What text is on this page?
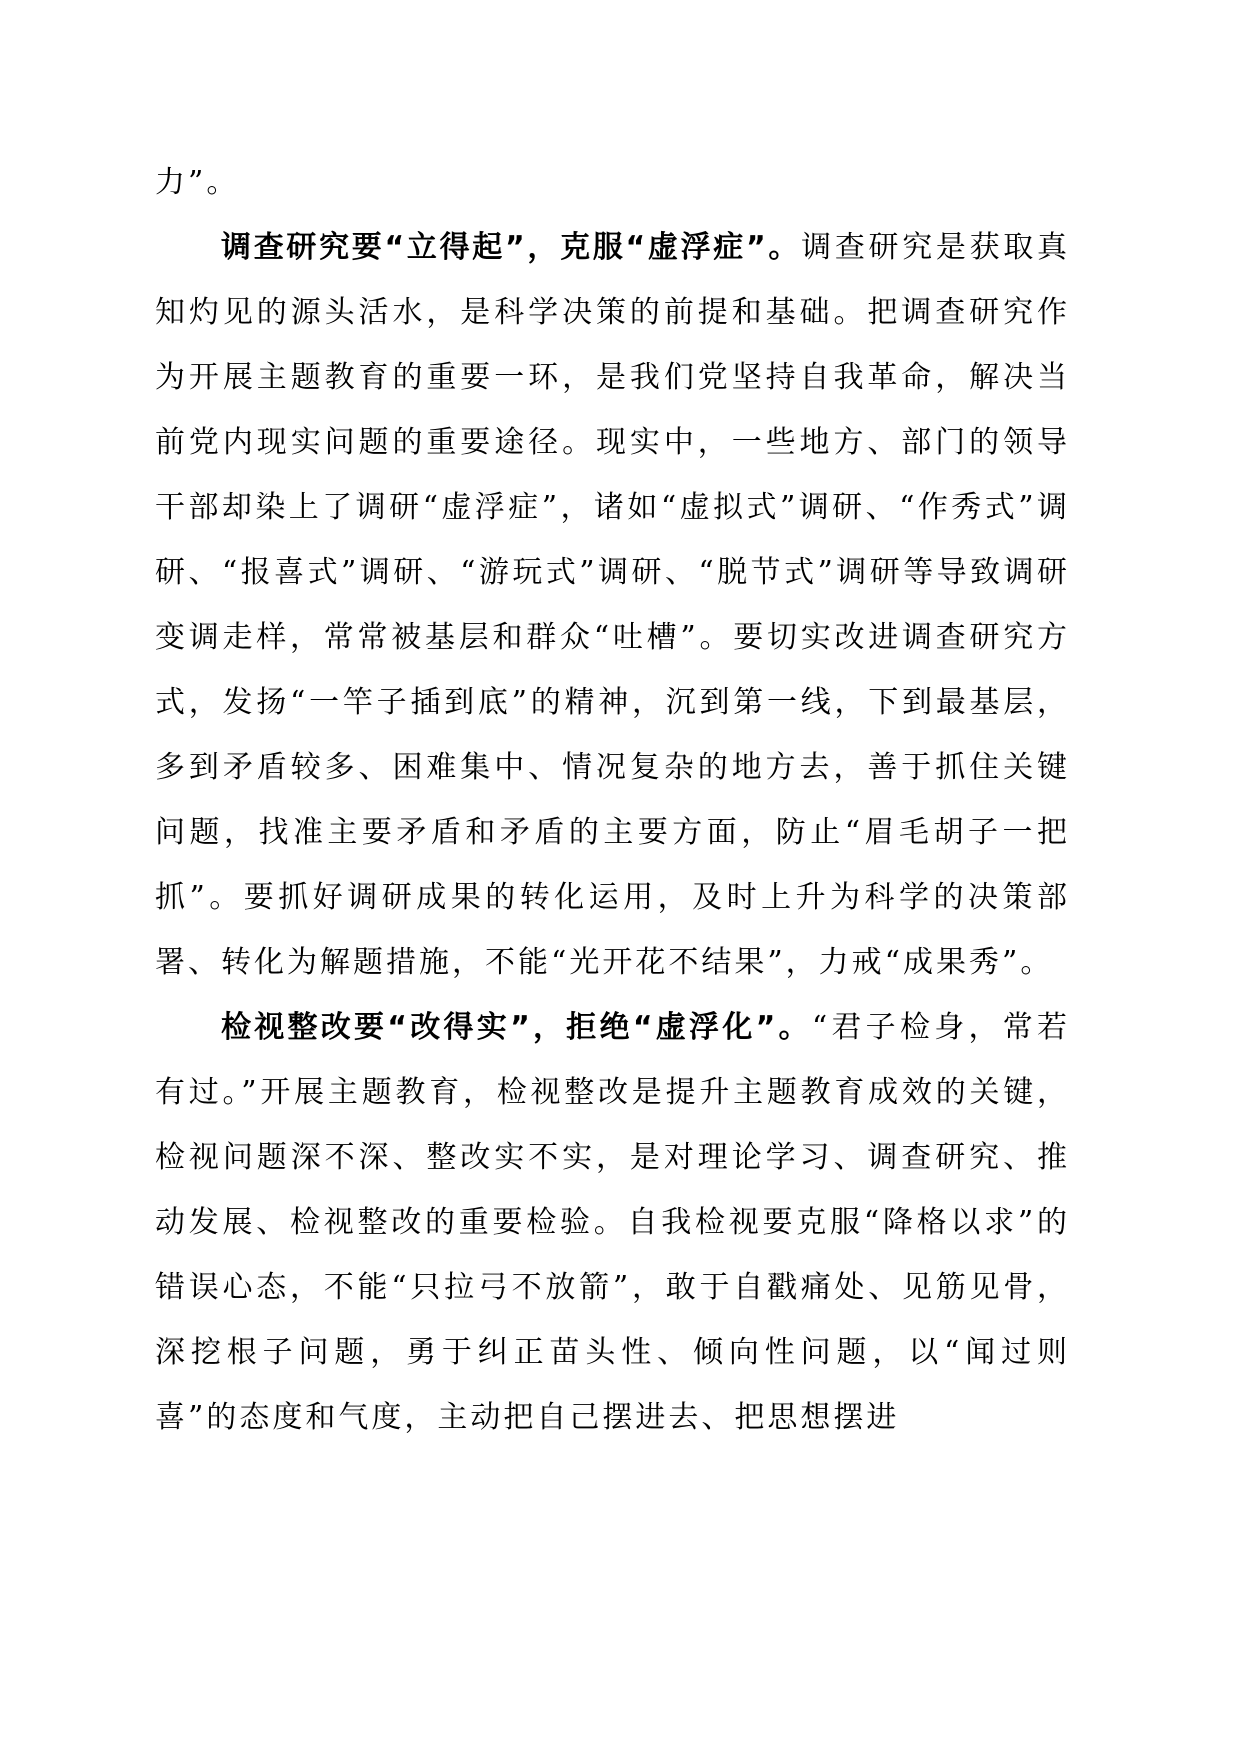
力”。

调查研究要“立得起”，克服“虚浮症”。调查研究是获取真知灼见的源头活水，是科学决策的前提和基础。把调查研究作为开展主题教育的重要一环，是我们党坚持自我革命，解决当前党内现实问题的重要途径。现实中，一些地方、部门的领导干部却染上了调研“虚浮症”，诸如“虚拟式”调研、“作秀式”调研、“报喜式”调研、“游玩式”调研、“脱节式”调研等导致调研变调走样，常常被基层和群众“吐槽”。要切实改进调查研究方式，发扬“一竿子插到底”的精神，沉到第一线，下到最基层，多到矛盾较多、困难集中、情况复杂的地方去，善于抓住关键问题，找准主要矛盾和矛盾的主要方面，防止“眉毛胡子一把抓”。要抓好调研成果的转化运用，及时上升为科学的决策部署、转化为解题措施，不能“光开花不结果”，力戒“成果秀”。

检视整改要“改得实”，拒绝“虚浮化”。“君子检身，常若有过。”开展主题教育，检视整改是提升主题教育成效的关键，检视问题深不深、整改实不实，是对理论学习、调查研究、推动发展、检视整改的重要检验。自我检视要克服“降格以求”的错误心态，不能“只拉弓不放箭”，敢于自戳痛处、见筋见骨，深挖根子问题，勇于纠正苗头性、倾向性问题，以“闻过则喜”的态度和气度，主动把自己摆进去、把思想摆进
